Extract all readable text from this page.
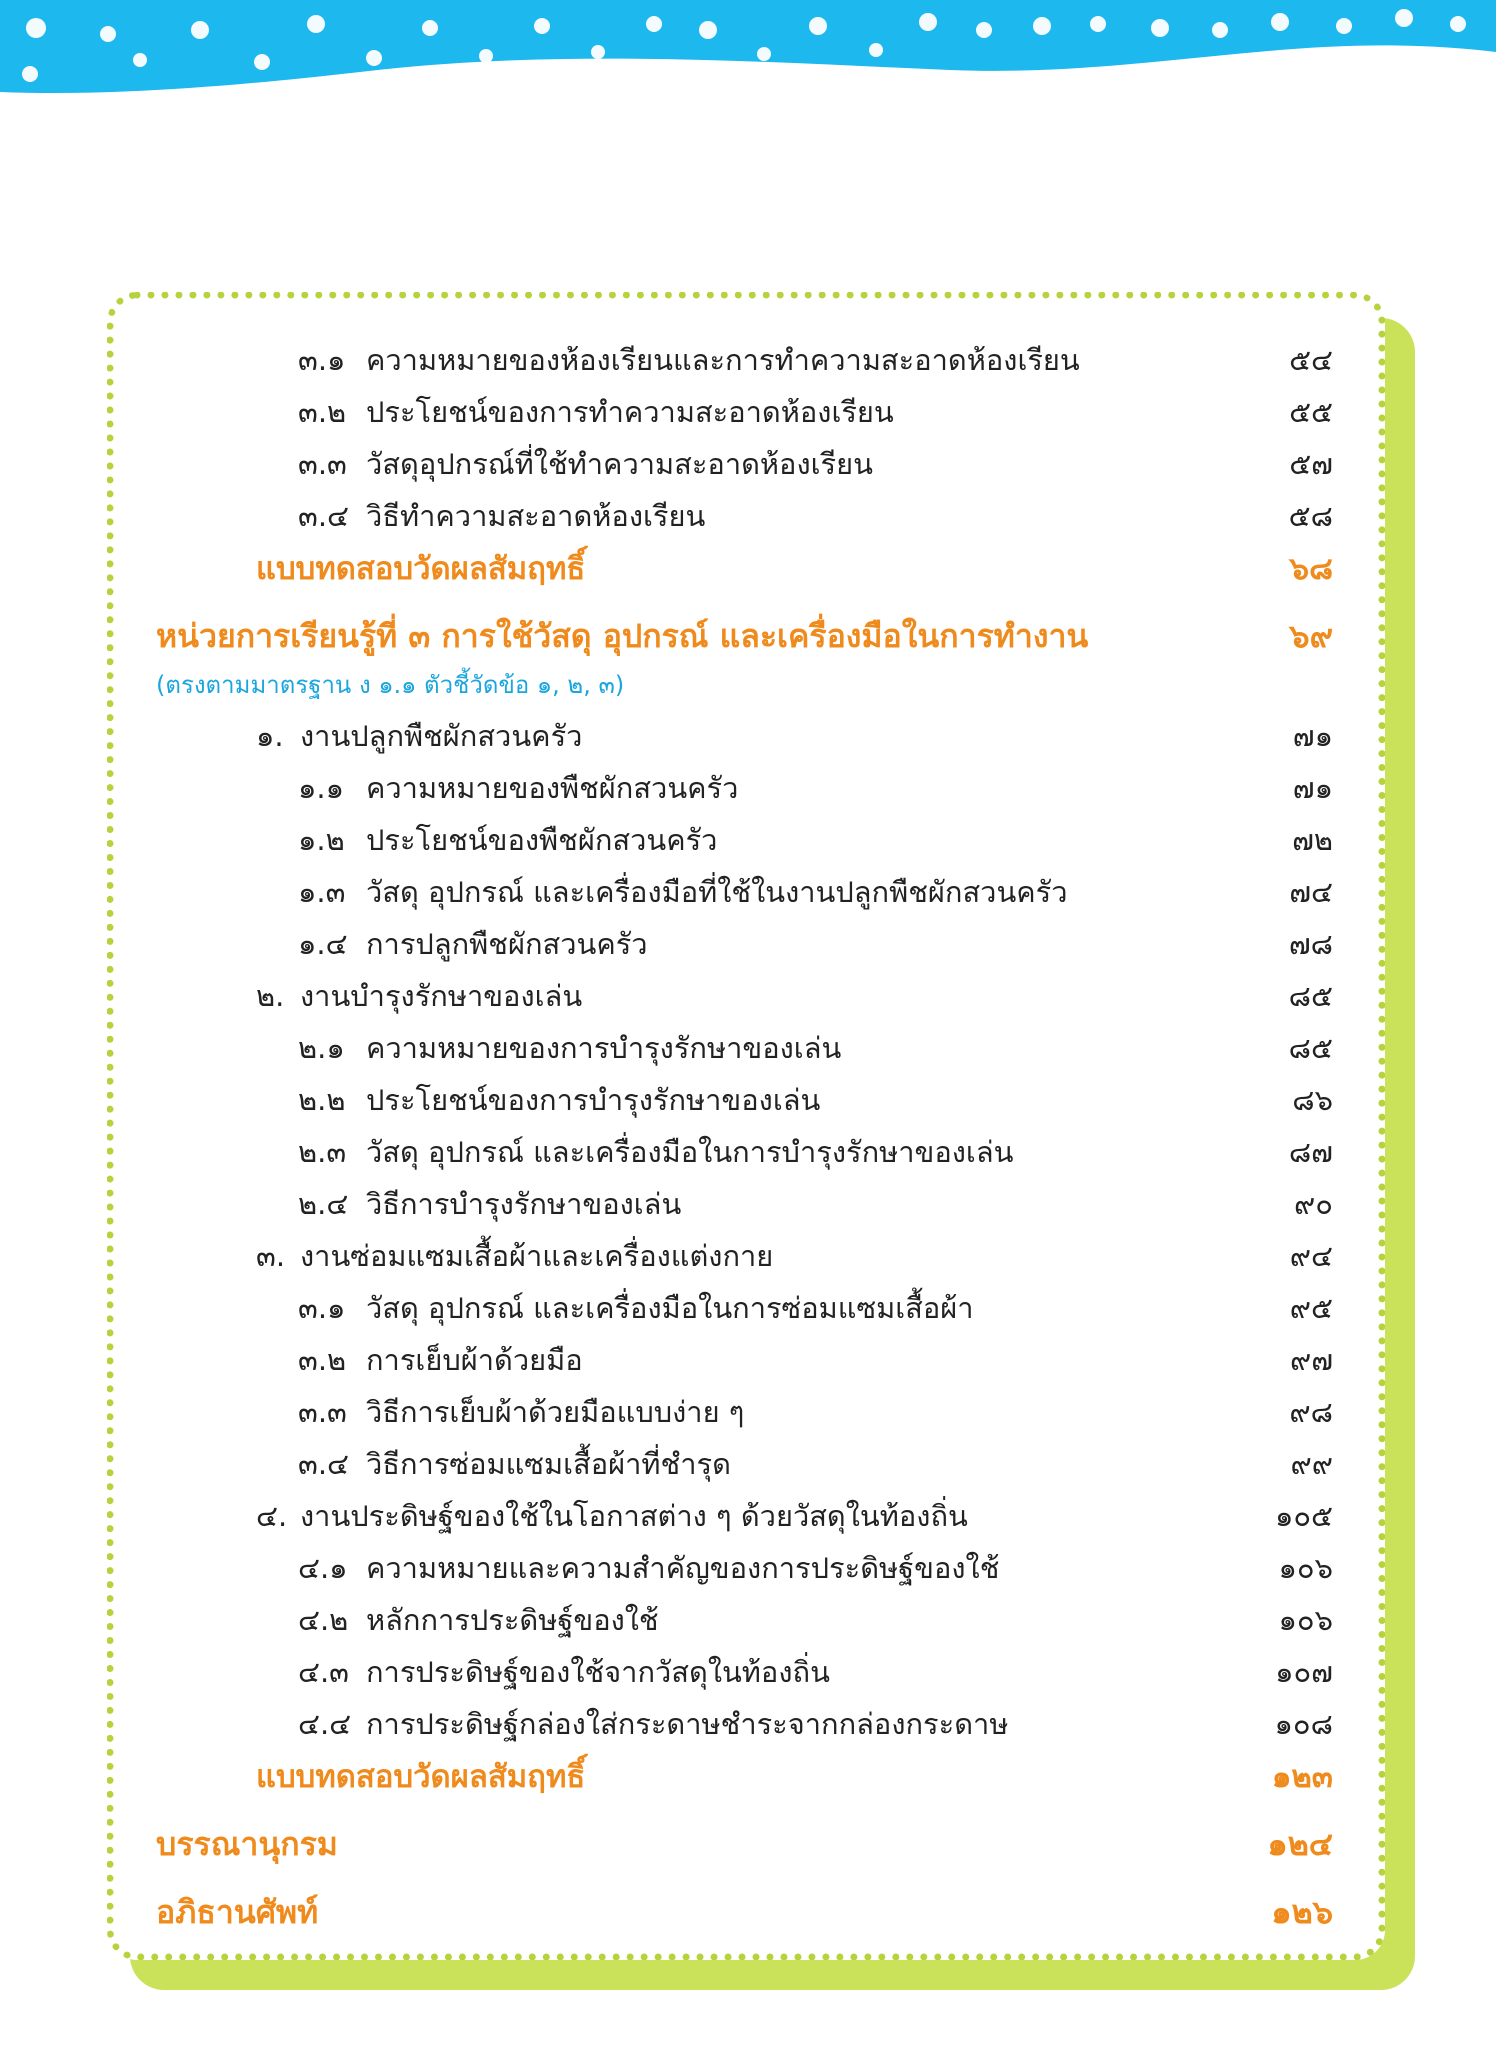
๓.๑ ความหมายของห้องเรียนและการทำความสะอาดห้องเรียน	๕๔
๓.๒ ประโยชน์ของการทำความสะอาดห้องเรียน	๕๕
๓.๓ วัสดุอุปกรณ์ที่ใช้ทำความสะอาดห้องเรียน	๕๗
๓.๔ วิธีทำความสะอาดห้องเรียน	๕๘
แบบทดสอบวัดผลสัมฤทธิ์	๖๘
หน่วยการเรียนรู้ที่ ๓ การใช้วัสดุ อุปกรณ์ และเครื่องมือในการทำงาน	๖๙
(ตรงตามมาตรฐาน ง ๑.๑ ตัวชี้วัดข้อ ๑, ๒, ๓)
๑. งานปลูกพืชผักสวนครัว	๗๑
๑.๑ ความหมายของพืชผักสวนครัว	๗๑
๑.๒ ประโยชน์ของพืชผักสวนครัว	๗๒
๑.๓ วัสดุ อุปกรณ์ และเครื่องมือที่ใช้ในงานปลูกพืชผักสวนครัว	๗๔
๑.๔ การปลูกพืชผักสวนครัว	๗๘
๒. งานบำรุงรักษาของเล่น	๘๕
๒.๑ ความหมายของการบำรุงรักษาของเล่น	๘๕
๒.๒ ประโยชน์ของการบำรุงรักษาของเล่น	๘๖
๒.๓ วัสดุ อุปกรณ์ และเครื่องมือในการบำรุงรักษาของเล่น	๘๗
๒.๔ วิธีการบำรุงรักษาของเล่น	๙๐
๓. งานซ่อมแซมเสื้อผ้าและเครื่องแต่งกาย	๙๔
๓.๑ วัสดุ อุปกรณ์ และเครื่องมือในการซ่อมแซมเสื้อผ้า	๙๕
๓.๒ การเย็บผ้าด้วยมือ	๙๗
๓.๓ วิธีการเย็บผ้าด้วยมือแบบง่าย ๆ	๙๘
๓.๔ วิธีการซ่อมแซมเสื้อผ้าที่ชำรุด	๙๙
๔. งานประดิษฐ์ของใช้ในโอกาสต่าง ๆ ด้วยวัสดุในท้องถิ่น	๑๐๕
๔.๑ ความหมายและความสำคัญของการประดิษฐ์ของใช้	๑๐๖
๔.๒ หลักการประดิษฐ์ของใช้	๑๐๖
๔.๓ การประดิษฐ์ของใช้จากวัสดุในท้องถิ่น	๑๐๗
๔.๔ การประดิษฐ์กล่องใส่กระดาษชำระจากกล่องกระดาษ	๑๐๘
แบบทดสอบวัดผลสัมฤทธิ์	๑๒๓
บรรณานุกรม	๑๒๔
อภิธานศัพท์	๑๒๖
